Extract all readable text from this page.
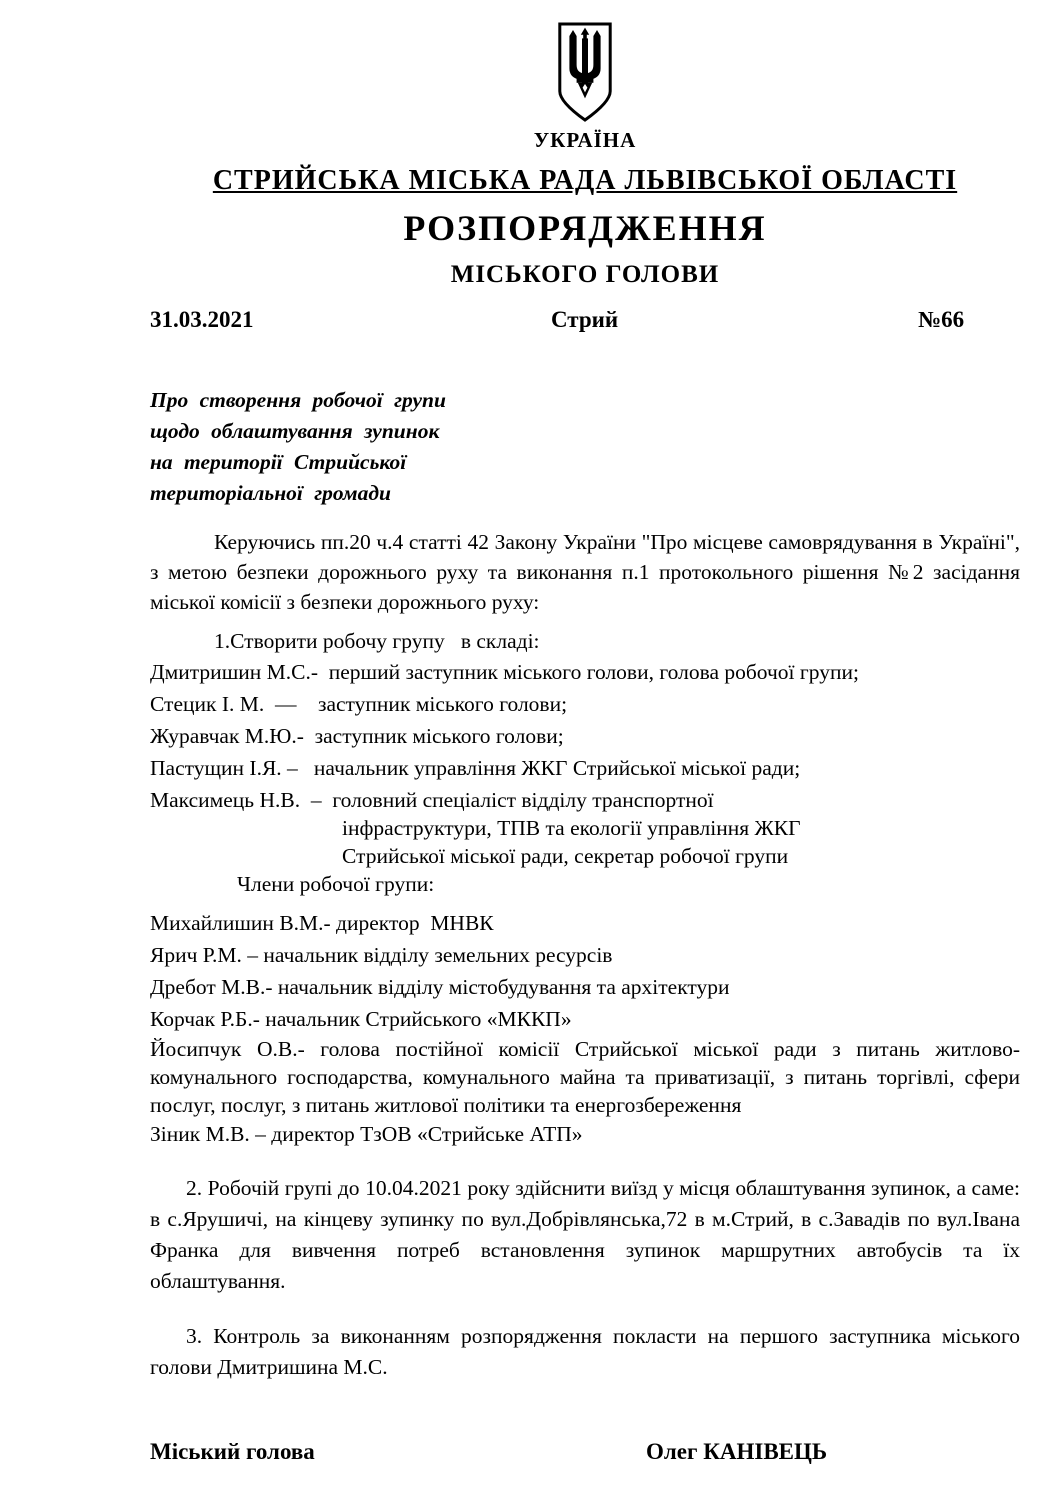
УКРАЇНА
СТРИЙСЬКА МІСЬКА РАДА ЛЬВІВСЬКОЇ ОБЛАСТІ
РОЗПОРЯДЖЕННЯ
МІСЬКОГО ГОЛОВИ
31.03.2021	Стрий	№66
Про створення робочої групи
щодо облаштування зупинок
на території Стрийської
територіальної громади
Керуючись пп.20 ч.4 статті 42 Закону України "Про місцеве самоврядування в Україні", з метою безпеки дорожнього руху та виконання п.1 протокольного рішення №2 засідання міської комісії з безпеки дорожнього руху:
1.Створити робочу групу   в складі:
Дмитришин М.С.-  перший заступник міського голови, голова робочої групи;
Стецик І. М.  —    заступник міського голови;
Журавчак М.Ю.-  заступник міського голови;
Пастущин І.Я. –   начальник управління ЖКГ Стрийської міської ради;
Максимець Н.В.  –  головний спеціаліст відділу транспортної
інфраструктури, ТПВ та екології управління ЖКГ
Стрийської міської ради, секретар робочої групи
Члени робочої групи:
Михайлишин В.М.- директор  МНВК
Ярич Р.М. – начальник відділу земельних ресурсів
Дребот М.В.- начальник відділу містобудування та архітектури
Корчак Р.Б.- начальник Стрийського «МККП»
Йосипчук О.В.- голова постійної комісії Стрийської міської ради з питань житлово-комунального господарства, комунального майна та приватизації, з питань торгівлі, сфери послуг, послуг, з питань житлової політики та енергозбереження
Зіник М.В. – директор ТзОВ «Стрийське АТП»
2. Робочій групі до 10.04.2021 року здійснити виїзд у місця облаштування зупинок, а саме: в с.Ярушичі, на кінцеву зупинку по вул.Добрівлянська,72 в м.Стрий, в с.Завадів по вул.Івана Франка для вивчення потреб встановлення зупинок маршрутних автобусів та їх облаштування.
3. Контроль за виконанням розпорядження покласти на першого заступника міського голови Дмитришина М.С.
Міський голова	Олег КАНІВЕЦЬ
